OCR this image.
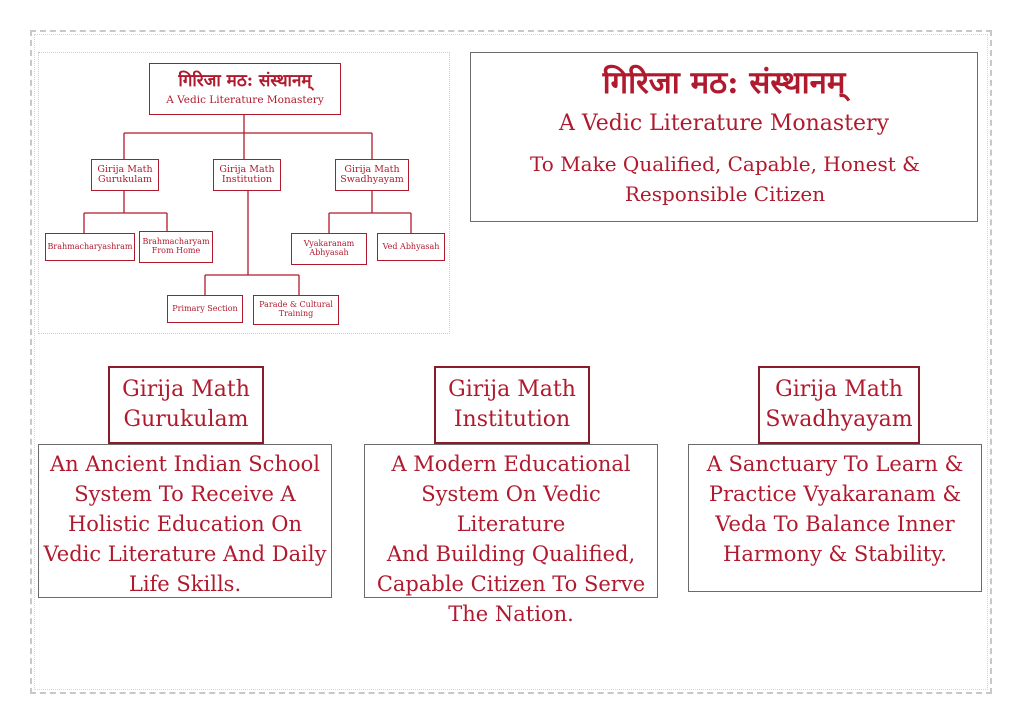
गिरिजा मठ: संस्थानम्
A Vedic Literature Monastery
Girija Math
Gurukulam
Girija Math
Institution
Girija Math
Swadhyayam
Brahmacharyashram Brahmacharyam
From Home
Vyakaranam
Abhyasah
Ved Abhyasah
Primary Section	Parade & Cultural
Training
गिरिजा मठ: संस्थानम्
A Vedic Literature Monastery
To Make Qualified, Capable, Honest &
Responsible Citizen
Girija Math
Gurukulam
An Ancient Indian School
System To Receive A
Holistic Education On
Vedic Literature And Daily
Life Skills.
Girija Math
Institution
A Modern Educational
System On Vedic Literature
And Building Qualified,
Capable Citizen To Serve
The Nation.
Girija Math
Swadhyayam
A Sanctuary To Learn &
Practice Vyakaranam &
Veda To Balance Inner
Harmony & Stability.
